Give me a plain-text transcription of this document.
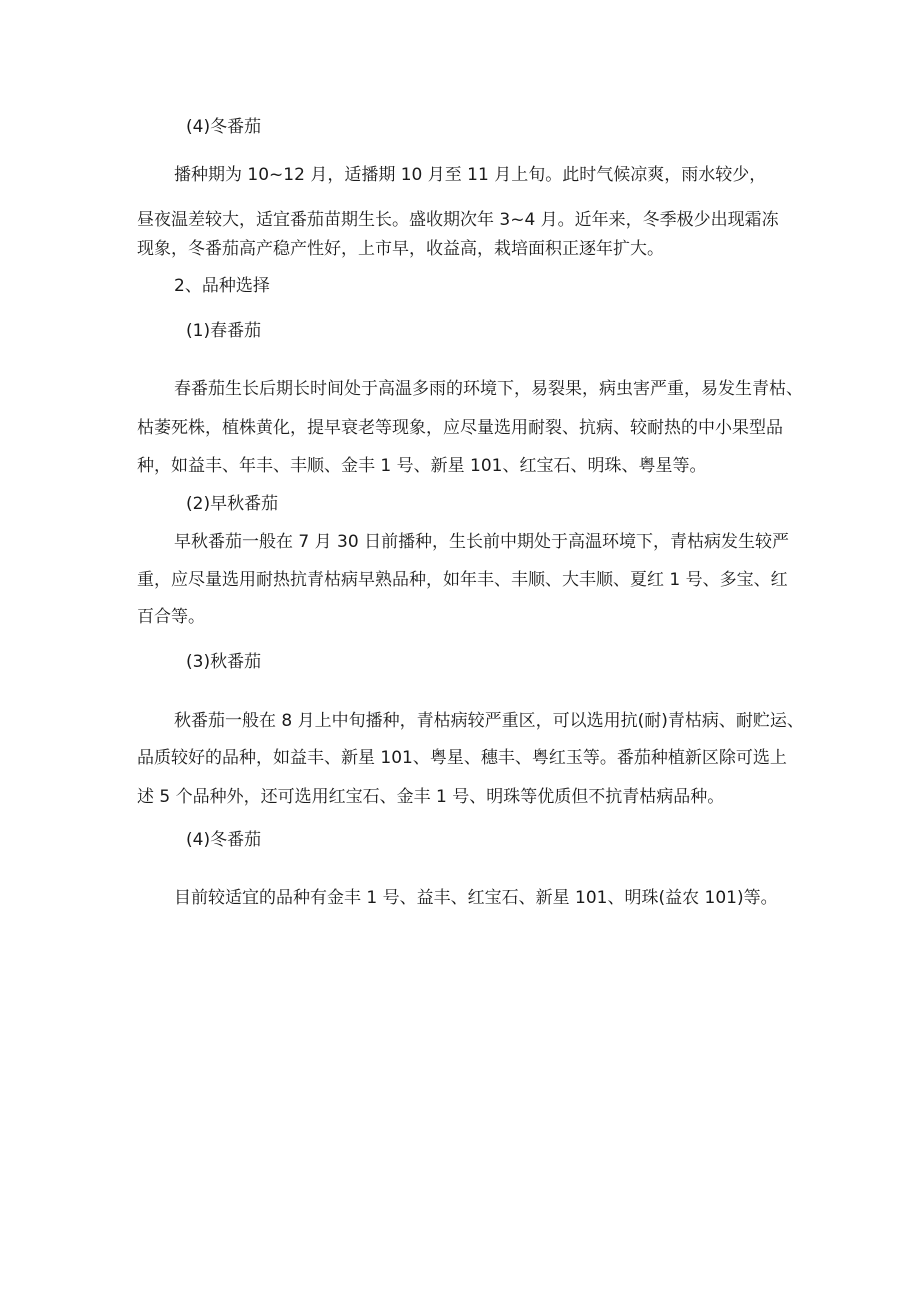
(4)冬番茄

播种期为 10~12 月，适播期 10 月至 11 月上旬。此时气候凉爽，雨水较少，

昼夜温差较大，适宜番茄苗期生长。盛收期次年 3~4 月。近年来，冬季极少出现霜冻

现象，冬番茄高产稳产性好，上市早，收益高，栽培面积正逐年扩大。

2、品种选择

(1)春番茄

春番茄生长后期长时间处于高温多雨的环境下，易裂果，病虫害严重，易发生青枯、

枯萎死株，植株黄化，提早衰老等现象，应尽量选用耐裂、抗病、较耐热的中小果型品

种，如益丰、年丰、丰顺、金丰 1 号、新星 101、红宝石、明珠、粤星等。

(2)早秋番茄

早秋番茄一般在 7 月 30 日前播种，生长前中期处于高温环境下，青枯病发生较严

重，应尽量选用耐热抗青枯病早熟品种，如年丰、丰顺、大丰顺、夏红 1 号、多宝、红

百合等。

(3)秋番茄

秋番茄一般在 8 月上中旬播种，青枯病较严重区，可以选用抗(耐)青枯病、耐贮运、

品质较好的品种，如益丰、新星 101、粤星、穗丰、粤红玉等。番茄种植新区除可选上

述 5 个品种外，还可选用红宝石、金丰 1 号、明珠等优质但不抗青枯病品种。

(4)冬番茄

目前较适宜的品种有金丰 1 号、益丰、红宝石、新星 101、明珠(益农 101)等。
